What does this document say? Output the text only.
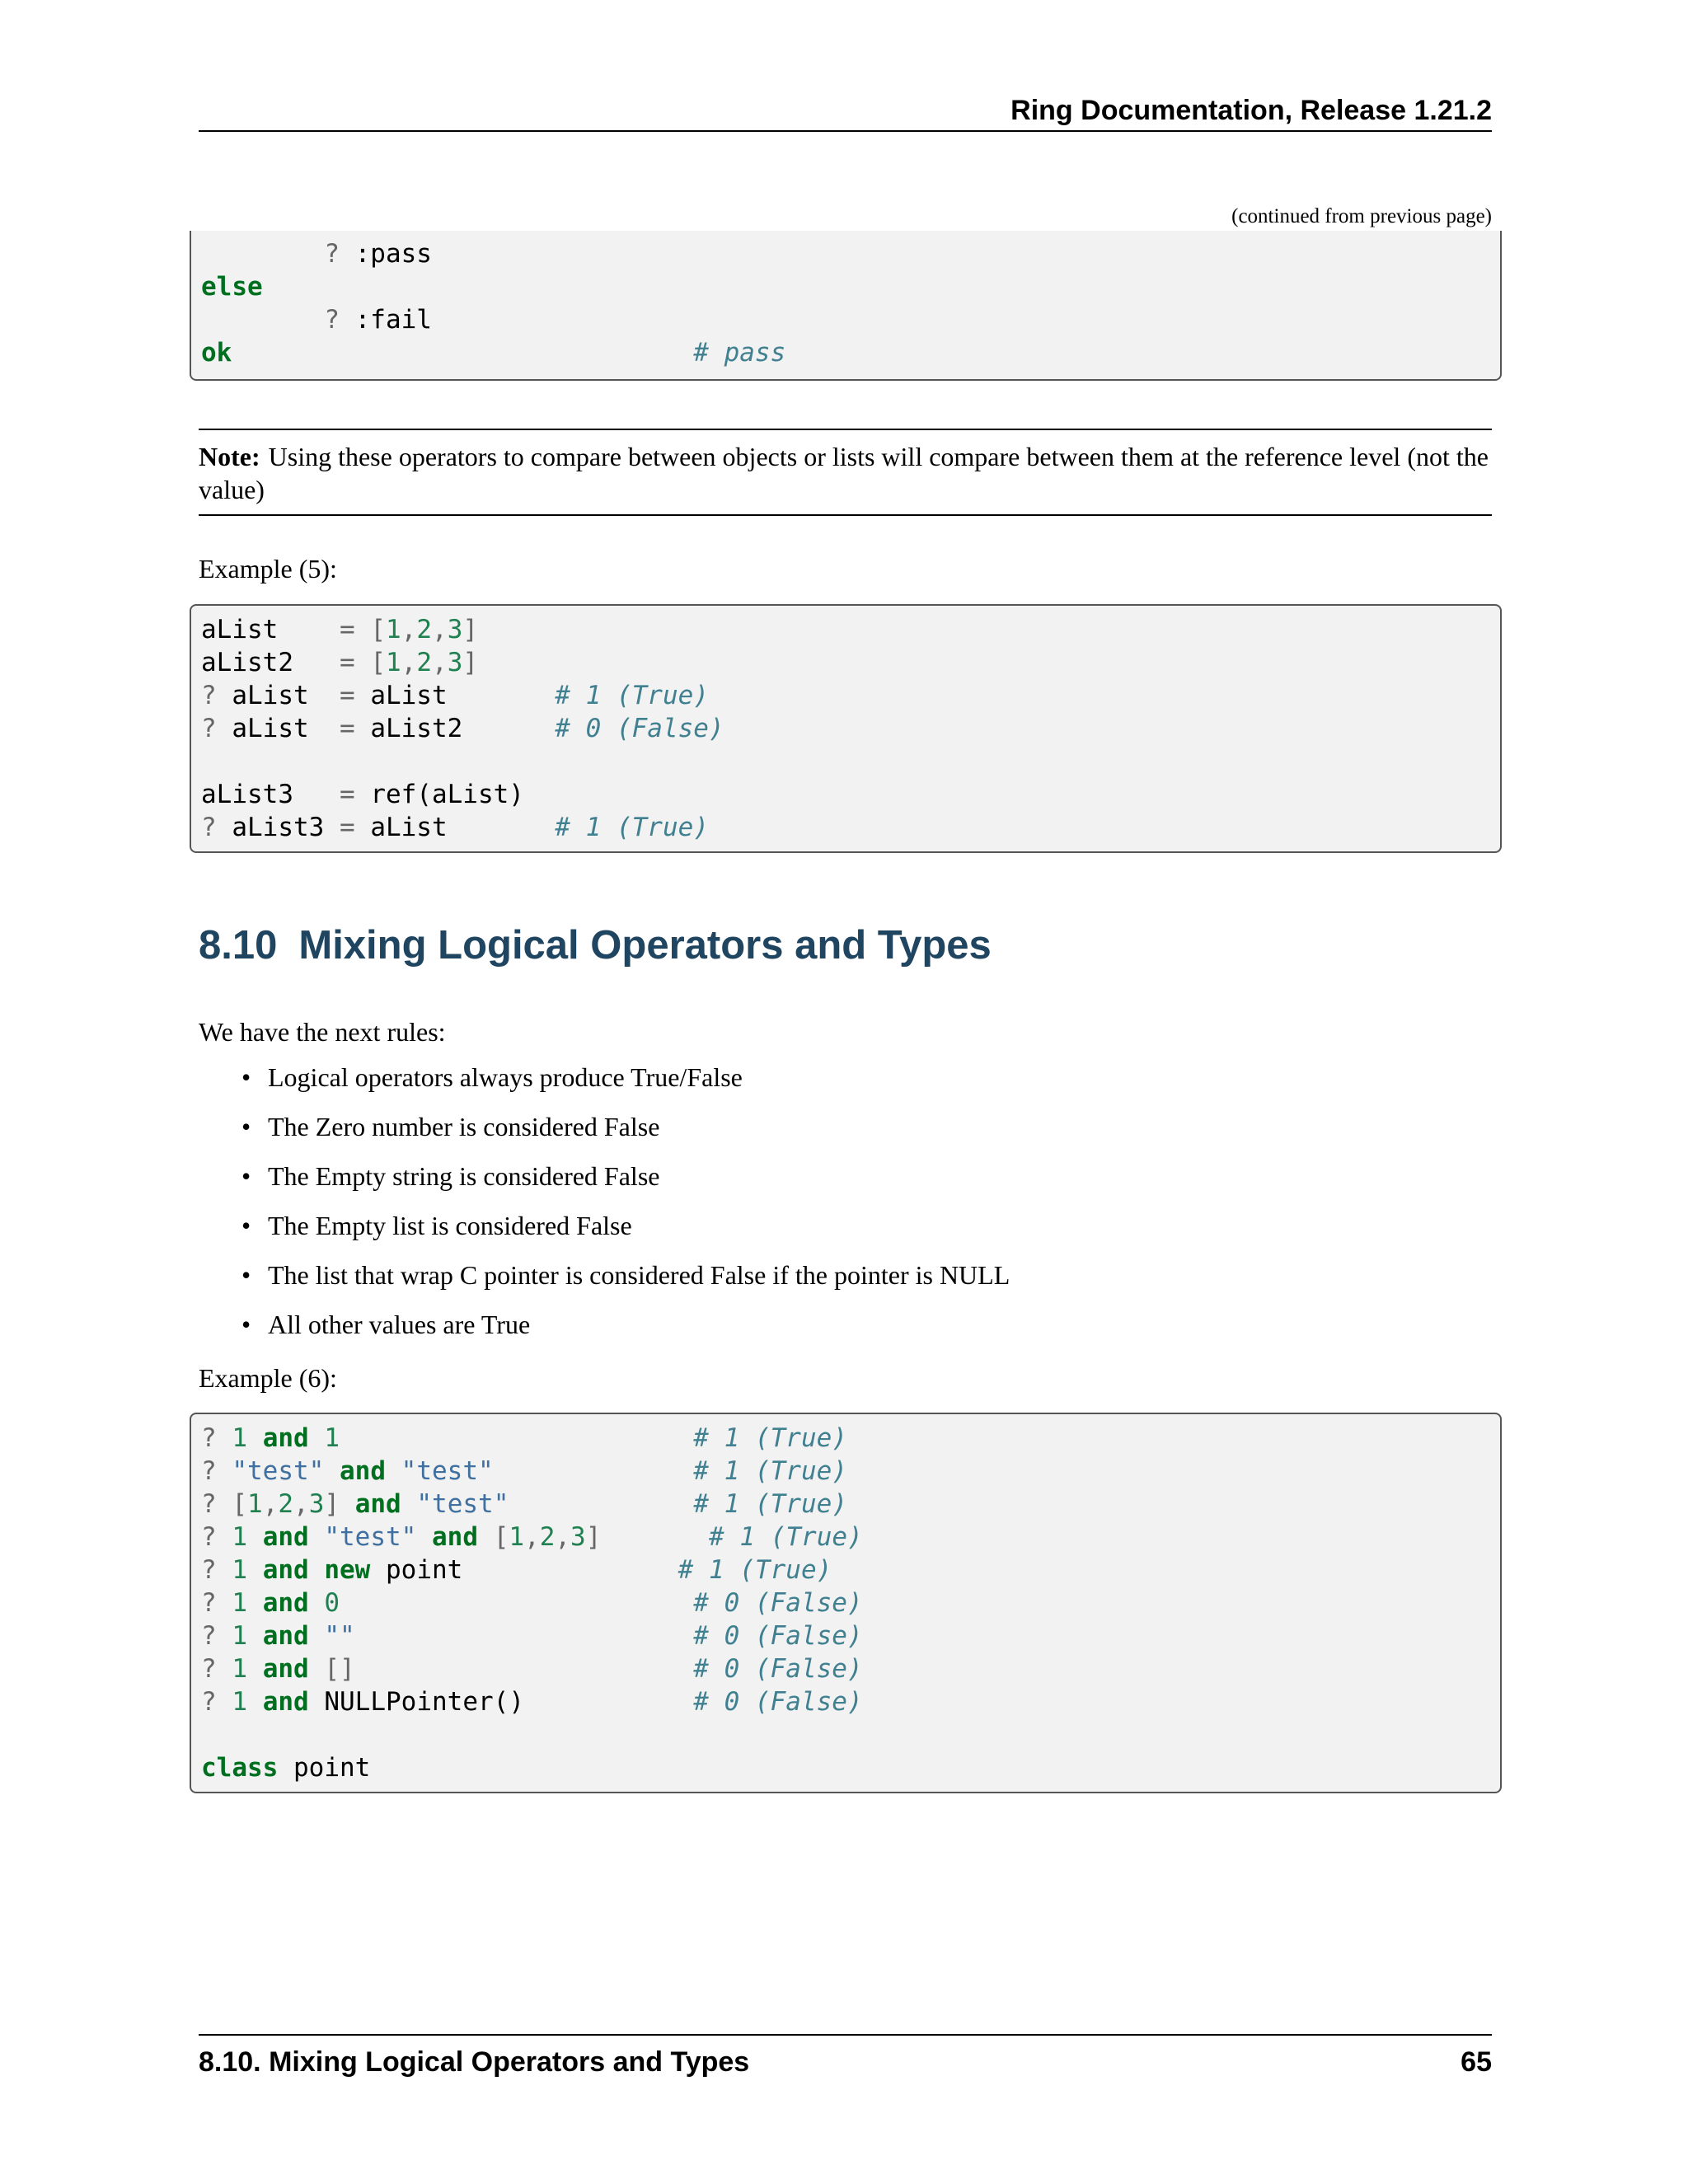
Ring Documentation, Release 1.21.2
(continued from previous page)
? :pass
else
? :fail
ok	# pass
Note: Using these operators to compare between objects or lists will compare between them at the reference level (not the value)
Example (5):
aList    = [1,2,3]
aList2   = [1,2,3]
? aList  = aList       # 1 (True)
? aList  = aList2      # 0 (False)
aList3   = ref(aList)
? aList3 = aList       # 1 (True)
8.10 Mixing Logical Operators and Types
We have the next rules:
• Logical operators always produce True/False
• The Zero number is considered False
• The Empty string is considered False
• The Empty list is considered False
• The list that wrap C pointer is considered False if the pointer is NULL
• All other values are True
Example (6):
? 1 and 1	# 1 (True)
? "test" and "test"	# 1 (True)
? [1,2,3] and "test"	# 1 (True)
? 1 and "test" and [1,2,3]	# 1 (True)
? 1 and new point              # 1 (True)
? 1 and 0	# 0 (False)
? 1 and ""	# 0 (False)
? 1 and []	# 0 (False)
? 1 and NULLPointer()           # 0 (False)
class point
8.10. Mixing Logical Operators and Types	65
